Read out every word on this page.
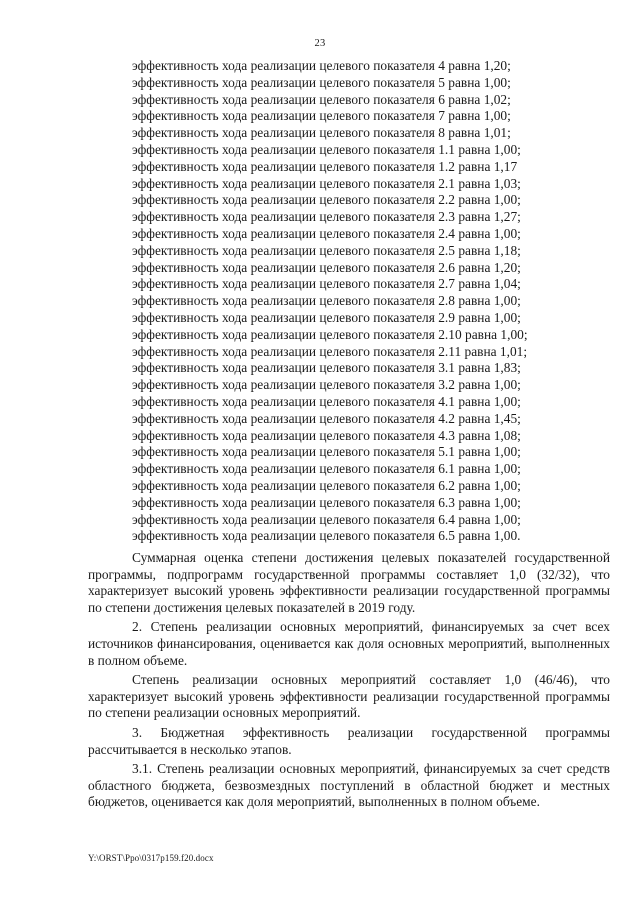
23
эффективность хода реализации целевого показателя 4 равна 1,20;
эффективность хода реализации целевого показателя 5 равна 1,00;
эффективность хода реализации целевого показателя 6 равна 1,02;
эффективность хода реализации целевого показателя 7 равна 1,00;
эффективность хода реализации целевого показателя 8 равна 1,01;
эффективность хода реализации целевого показателя 1.1 равна 1,00;
эффективность хода реализации целевого показателя 1.2 равна 1,17
эффективность хода реализации целевого показателя 2.1 равна 1,03;
эффективность хода реализации целевого показателя 2.2 равна 1,00;
эффективность хода реализации целевого показателя 2.3 равна 1,27;
эффективность хода реализации целевого показателя 2.4 равна 1,00;
эффективность хода реализации целевого показателя 2.5 равна 1,18;
эффективность хода реализации целевого показателя 2.6 равна 1,20;
эффективность хода реализации целевого показателя 2.7 равна 1,04;
эффективность хода реализации целевого показателя 2.8 равна 1,00;
эффективность хода реализации целевого показателя 2.9 равна 1,00;
эффективность хода реализации целевого показателя 2.10 равна 1,00;
эффективность хода реализации целевого показателя 2.11 равна 1,01;
эффективность хода реализации целевого показателя 3.1 равна 1,83;
эффективность хода реализации целевого показателя 3.2 равна 1,00;
эффективность хода реализации целевого показателя 4.1 равна 1,00;
эффективность хода реализации целевого показателя 4.2 равна 1,45;
эффективность хода реализации целевого показателя 4.3 равна 1,08;
эффективность хода реализации целевого показателя 5.1 равна 1,00;
эффективность хода реализации целевого показателя 6.1 равна 1,00;
эффективность хода реализации целевого показателя 6.2 равна 1,00;
эффективность хода реализации целевого показателя 6.3 равна 1,00;
эффективность хода реализации целевого показателя 6.4 равна 1,00;
эффективность хода реализации целевого показателя 6.5 равна 1,00.

Суммарная оценка степени достижения целевых показателей государственной программы, подпрограмм государственной программы составляет 1,0 (32/32), что характеризует высокий уровень эффективности реализации государственной программы по степени достижения целевых показателей в 2019 году.

2. Степень реализации основных мероприятий, финансируемых за счет всех источников финансирования, оценивается как доля основных мероприятий, выполненных в полном объеме.

Степень реализации основных мероприятий составляет 1,0 (46/46), что характеризует высокий уровень эффективности реализации государственной программы по степени реализации основных мероприятий.

3. Бюджетная эффективность реализации государственной программы рассчитывается в несколько этапов.

3.1. Степень реализации основных мероприятий, финансируемых за счет средств областного бюджета, безвозмездных поступлений в областной бюджет и местных бюджетов, оценивается как доля мероприятий, выполненных в полном объеме.

Y:\ORST\Ppo\0317p159.f20.docx
